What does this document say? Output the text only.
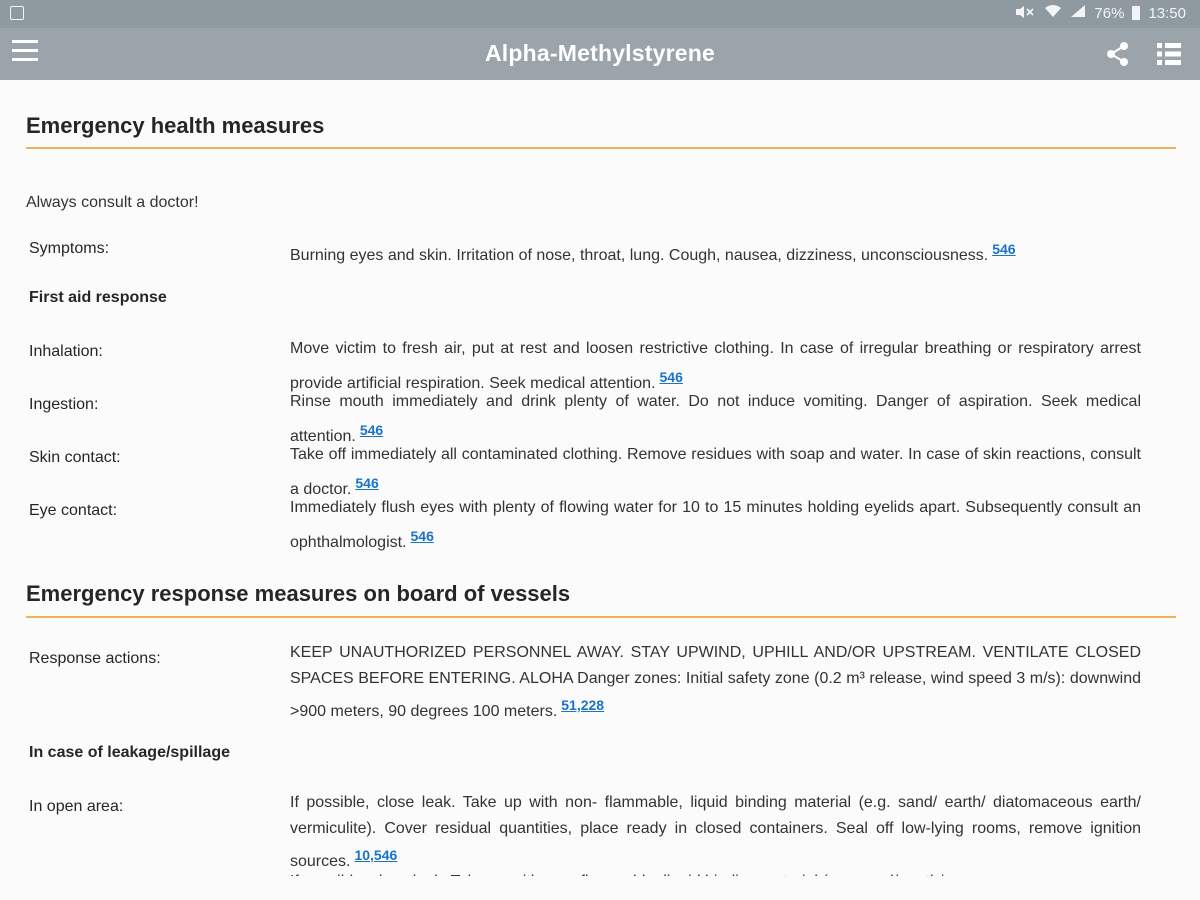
76% 13:50
Alpha-Methylstyrene
Emergency health measures
Always consult a doctor!
Symptoms:	Burning eyes and skin. Irritation of nose, throat, lung. Cough, nausea, dizziness, unconsciousness. 546
First aid response
Inhalation:	Move victim to fresh air, put at rest and loosen restrictive clothing. In case of irregular breathing or respiratory arrest provide artificial respiration. Seek medical attention. 546
Ingestion:	Rinse mouth immediately and drink plenty of water. Do not induce vomiting. Danger of aspiration. Seek medical attention. 546
Skin contact:	Take off immediately all contaminated clothing. Remove residues with soap and water. In case of skin reactions, consult a doctor. 546
Eye contact:	Immediately flush eyes with plenty of flowing water for 10 to 15 minutes holding eyelids apart. Subsequently consult an ophthalmologist. 546
Emergency response measures on board of vessels
Response actions:	KEEP UNAUTHORIZED PERSONNEL AWAY. STAY UPWIND, UPHILL AND/OR UPSTREAM. VENTILATE CLOSED SPACES BEFORE ENTERING. ALOHA Danger zones: Initial safety zone (0.2 m³ release, wind speed 3 m/s): downwind >900 meters, 90 degrees 100 meters. 51,228
In case of leakage/spillage
In open area:	If possible, close leak. Take up with non- flammable, liquid binding material (e.g. sand/ earth/ diatomaceous earth/ vermiculite). Cover residual quantities, place ready in closed containers. Seal off low-lying rooms, remove ignition sources. 10,546
